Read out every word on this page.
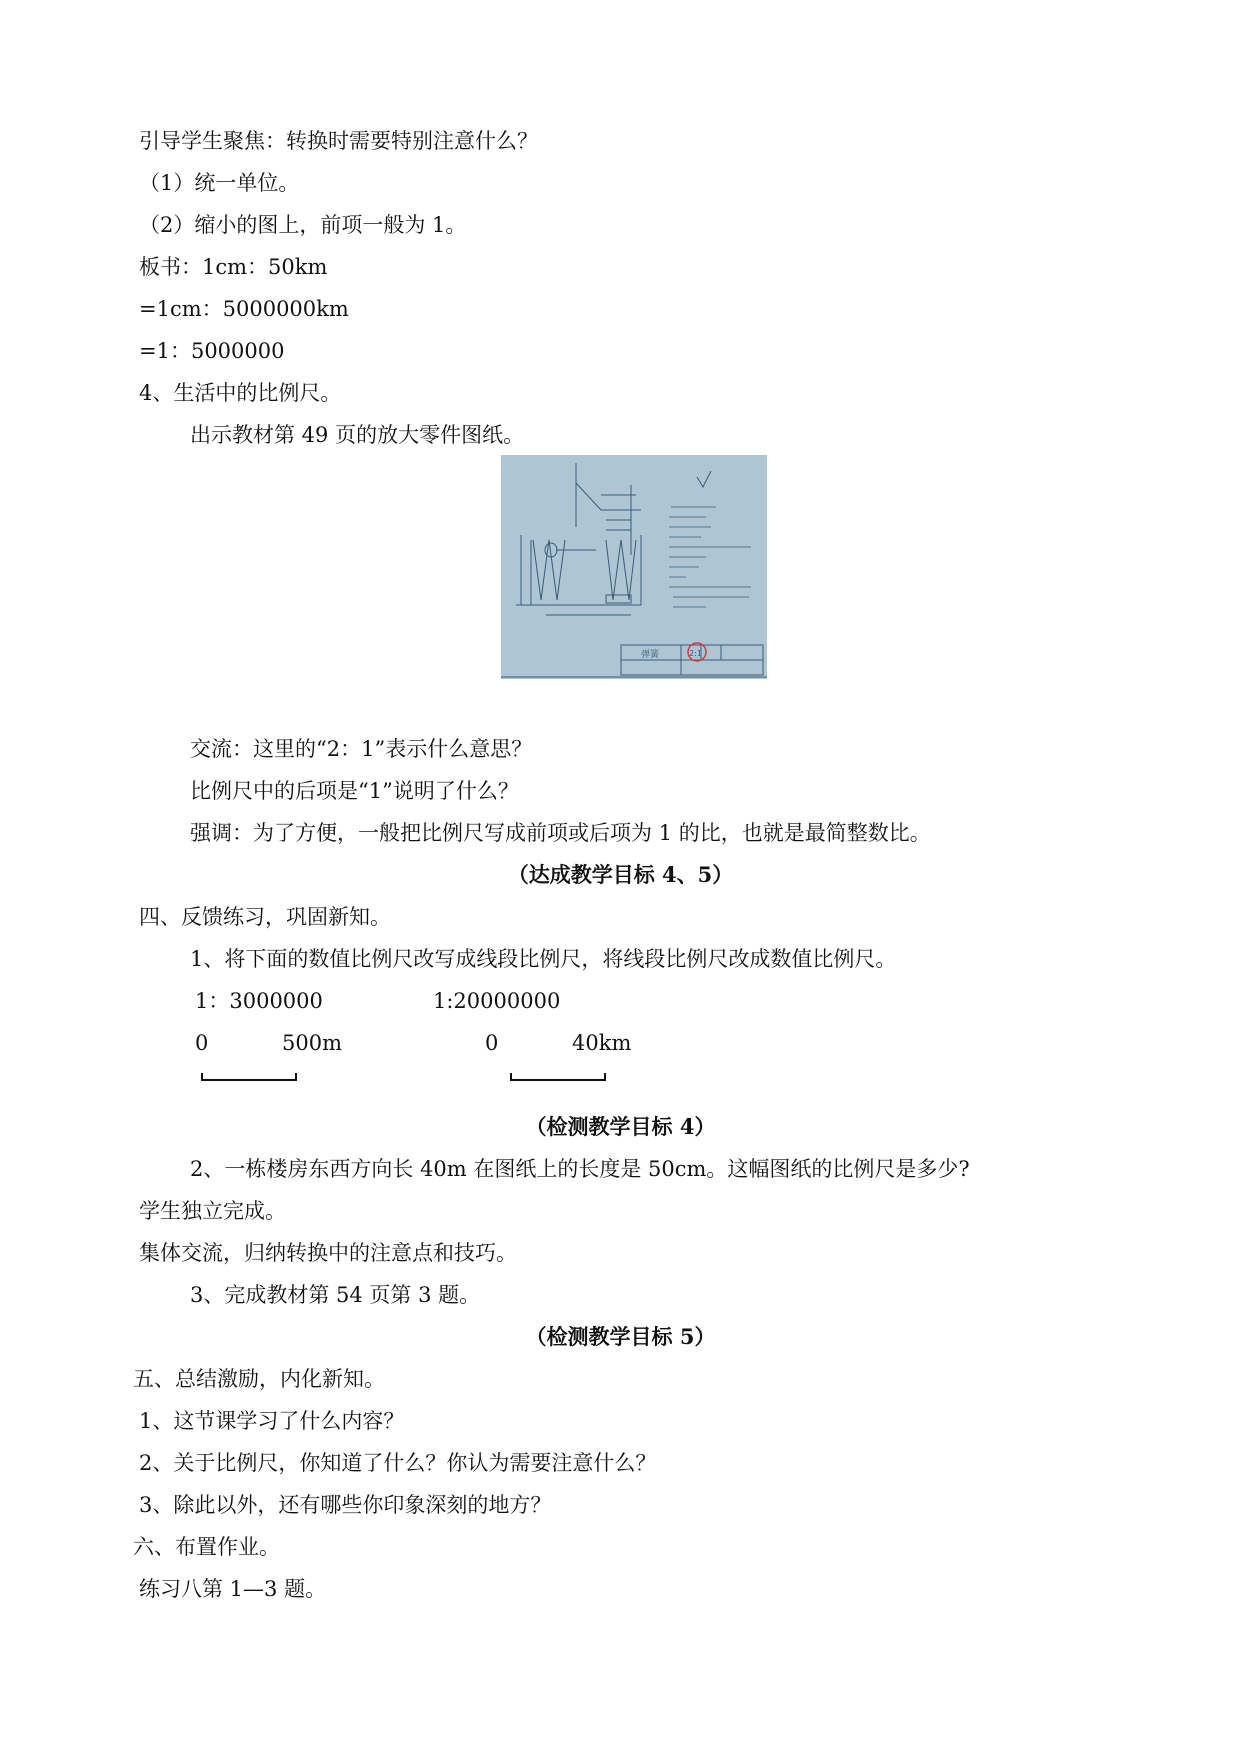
引导学生聚焦：转换时需要特别注意什么？
（1）统一单位。
（2）缩小的图上，前项一般为 1。
板书：1cm：50km
=1cm：5000000km
=1：5000000
4、生活中的比例尺。
出示教材第 49 页的放大零件图纸。
弹簧	2:1
交流：这里的“2：1”表示什么意思？
比例尺中的后项是“1”说明了什么？
强调：为了方便，一般把比例尺写成前项或后项为 1 的比，也就是最简整数比。
（达成教学目标 4、5）
四、反馈练习，巩固新知。
1、将下面的数值比例尺改写成线段比例尺，将线段比例尺改成数值比例尺。
1：3000000	1:20000000
0	500m	0	40km
（检测教学目标 4）
2、一栋楼房东西方向长 40m 在图纸上的长度是 50cm。这幅图纸的比例尺是多少?
学生独立完成。
集体交流，归纳转换中的注意点和技巧。
3、完成教材第 54 页第 3 题。
（检测教学目标 5）
五、总结激励，内化新知。
1、这节课学习了什么内容？
2、关于比例尺，你知道了什么？你认为需要注意什么？
3、除此以外，还有哪些你印象深刻的地方？
六、布置作业。
练习八第 1—3 题。
